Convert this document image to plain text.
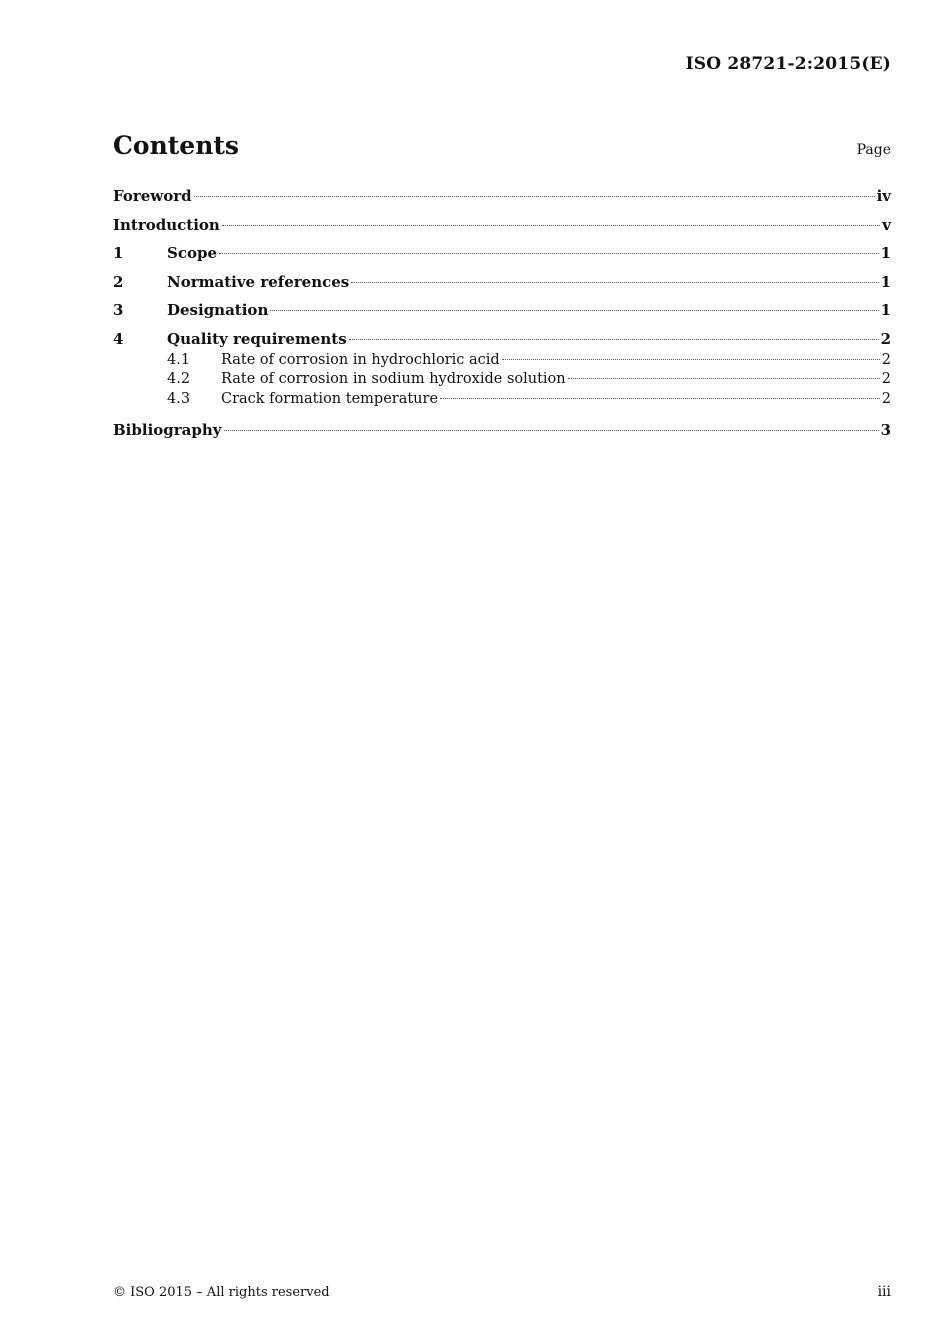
ISO 28721-2:2015(E)
Contents	Page
Foreword	iv
Introduction	v
1	Scope	1
2	Normative references	1
3	Designation	1
4	Quality requirements	2
4.1	Rate of corrosion in hydrochloric acid	2
4.2	Rate of corrosion in sodium hydroxide solution	2
4.3	Crack formation temperature	2
Bibliography	3
© ISO 2015 – All rights reserved	iii
